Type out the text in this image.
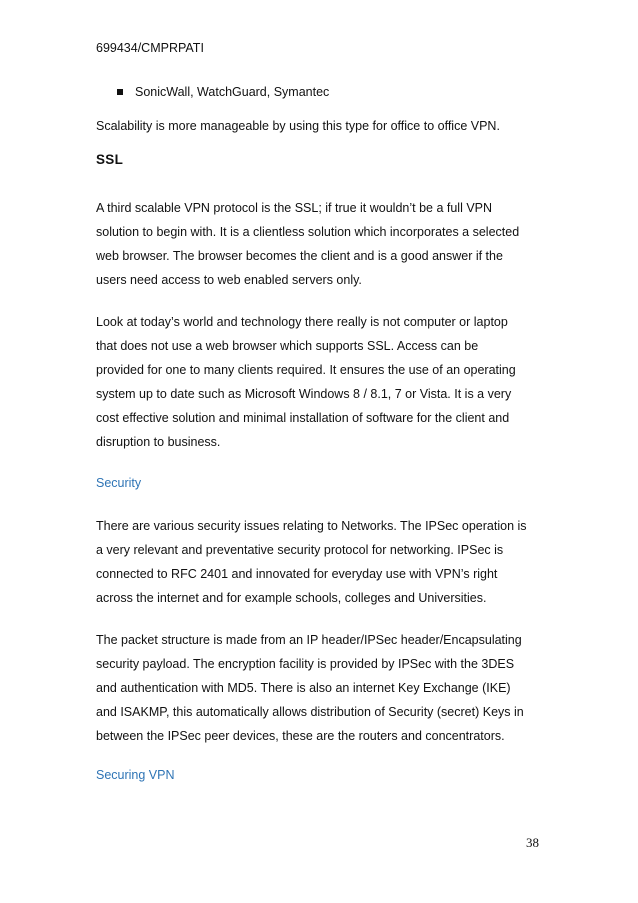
699434/CMPRPATI
SonicWall, WatchGuard, Symantec

Scalability is more manageable by using this type for office to office VPN.

SSL

A third scalable VPN protocol is the SSL; if true it wouldn’t be a full VPN
solution to begin with. It is a clientless solution which incorporates a selected
web browser. The browser becomes the client and is a good answer if the
users need access to web enabled servers only.

Look at today’s world and technology there really is not computer or laptop
that does not use a web browser which supports SSL. Access can be
provided for one to many clients required. It ensures the use of an operating
system up to date such as Microsoft Windows 8 / 8.1, 7 or Vista. It is a very
cost effective solution and minimal installation of software for the client and
disruption to business.

Security

There are various security issues relating to Networks. The IPSec operation is
a very relevant and preventative security protocol for networking. IPSec is
connected to RFC 2401 and innovated for everyday use with VPN’s right
across the internet and for example schools, colleges and Universities.

The packet structure is made from an IP header/IPSec header/Encapsulating
security payload. The encryption facility is provided by IPSec with the 3DES
and authentication with MD5. There is also an internet Key Exchange (IKE)
and ISAKMP, this automatically allows distribution of Security (secret) Keys in
between the IPSec peer devices, these are the routers and concentrators.

Securing VPN
38
